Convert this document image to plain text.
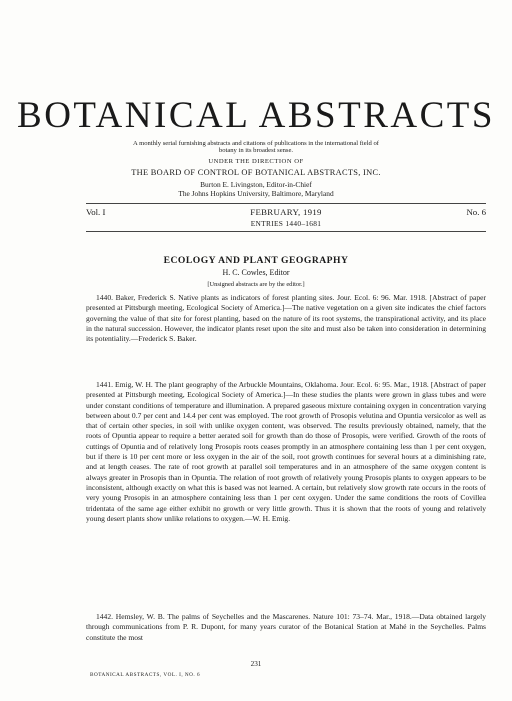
BOTANICAL ABSTRACTS
A monthly serial furnishing abstracts and citations of publications in the international field of
botany in its broadest sense.
UNDER THE DIRECTION OF
THE BOARD OF CONTROL OF BOTANICAL ABSTRACTS, INC.
Burton E. Livingston, Editor-in-Chief
The Johns Hopkins University, Baltimore, Maryland
Vol. I	FEBRUARY, 1919	No. 6
ENTRIES 1440–1681
ECOLOGY AND PLANT GEOGRAPHY
H. C. Cowles, Editor
[Unsigned abstracts are by the editor.]

1440. Baker, Frederick S. Native plants as indicators of forest planting sites. Jour. Ecol. 6: 96. Mar. 1918. [Abstract of paper presented at Pittsburgh meeting, Ecological Society of America.]—The native vegetation on a given site indicates the chief factors governing the value of that site for forest planting, based on the nature of its root systems, the transpirational activity, and its place in the natural succession. However, the indicator plants reset upon the site and must also be taken into consideration in determining its potentiality.—Frederick S. Baker.

1441. Emig, W. H. The plant geography of the Arbuckle Mountains, Oklahoma. Jour. Ecol. 6: 95. Mar., 1918. [Abstract of paper presented at Pittsburgh meeting, Ecological Society of America.]—In these studies the plants were grown in glass tubes and were under constant conditions of temperature and illumination. A prepared gaseous mixture containing oxygen in concentration varying between about 0.7 per cent and 14.4 per cent was employed. The root growth of Prosopis velutina and Opuntia versicolor as well as that of certain other species, in soil with unlike oxygen content, was observed. The results previously obtained, namely, that the roots of Opuntia appear to require a better aerated soil for growth than do those of Prosopis, were verified. Growth of the roots of cuttings of Opuntia and of relatively long Prosopis roots ceases promptly in an atmosphere containing less than 1 per cent oxygen, but if there is 10 per cent more or less oxygen in the air of the soil, root growth continues for several hours at a diminishing rate, and at length ceases. The rate of root growth at parallel soil temperatures and in an atmosphere of the same oxygen content is always greater in Prosopis than in Opuntia. The relation of root growth of relatively young Prosopis plants to oxygen appears to be inconsistent, although exactly on what this is based was not learned. A certain, but relatively slow growth rate occurs in the roots of very young Prosopis in an atmosphere containing less than 1 per cent oxygen. Under the same conditions the roots of Covillea tridentata of the same age either exhibit no growth or very little growth. Thus it is shown that the roots of young and relatively young desert plants show unlike relations to oxygen.—W. H. Emig.

1442. Hemsley, W. B. The palms of Seychelles and the Mascarenes. Nature 101: 73–74. Mar., 1918.—Data obtained largely through communications from P. R. Dupont, for many years curator of the Botanical Station at Mahé in the Seychelles. Palms constitute the most

231
BOTANICAL ABSTRACTS, VOL. I, NO. 6
